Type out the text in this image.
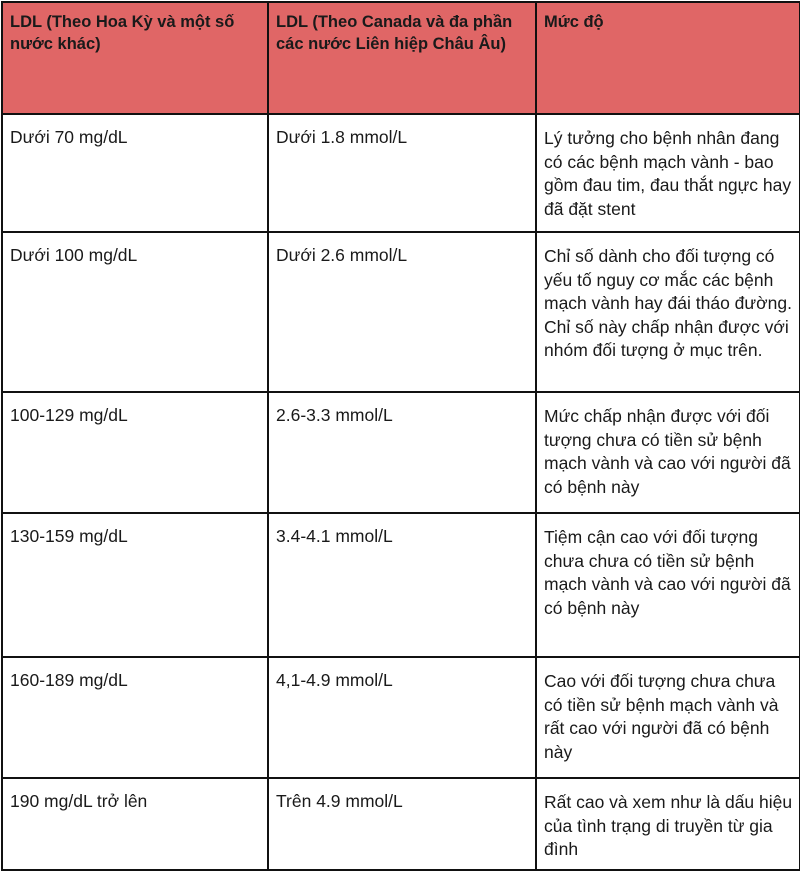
LDL (Theo Hoa Kỳ và một số nước khác)	LDL (Theo Canada và đa phần các nước Liên hiệp Châu Âu)	Mức độ
Dưới 70 mg/dL	Dưới 1.8 mmol/L	Lý tưởng cho bệnh nhân đang có các bệnh mạch vành - bao gồm đau tim, đau thắt ngực hay đã đặt stent
Dưới 100 mg/dL	Dưới 2.6 mmol/L	Chỉ số dành cho đối tượng có yếu tố nguy cơ mắc các bệnh mạch vành hay đái tháo đường. Chỉ số này chấp nhận được với nhóm đối tượng ở mục trên.
100-129 mg/dL	2.6-3.3 mmol/L	Mức chấp nhận được với đối tượng chưa có tiền sử bệnh mạch vành và cao với người đã có bệnh này
130-159 mg/dL	3.4-4.1 mmol/L	Tiệm cận cao với đối tượng chưa chưa có tiền sử bệnh mạch vành và cao với người đã có bệnh này
160-189 mg/dL	4,1-4.9 mmol/L	Cao với đối tượng chưa chưa có tiền sử bệnh mạch vành và rất cao với người đã có bệnh này
190 mg/dL trở lên	Trên 4.9 mmol/L	Rất cao và xem như là dấu hiệu của tình trạng di truyền từ gia đình
